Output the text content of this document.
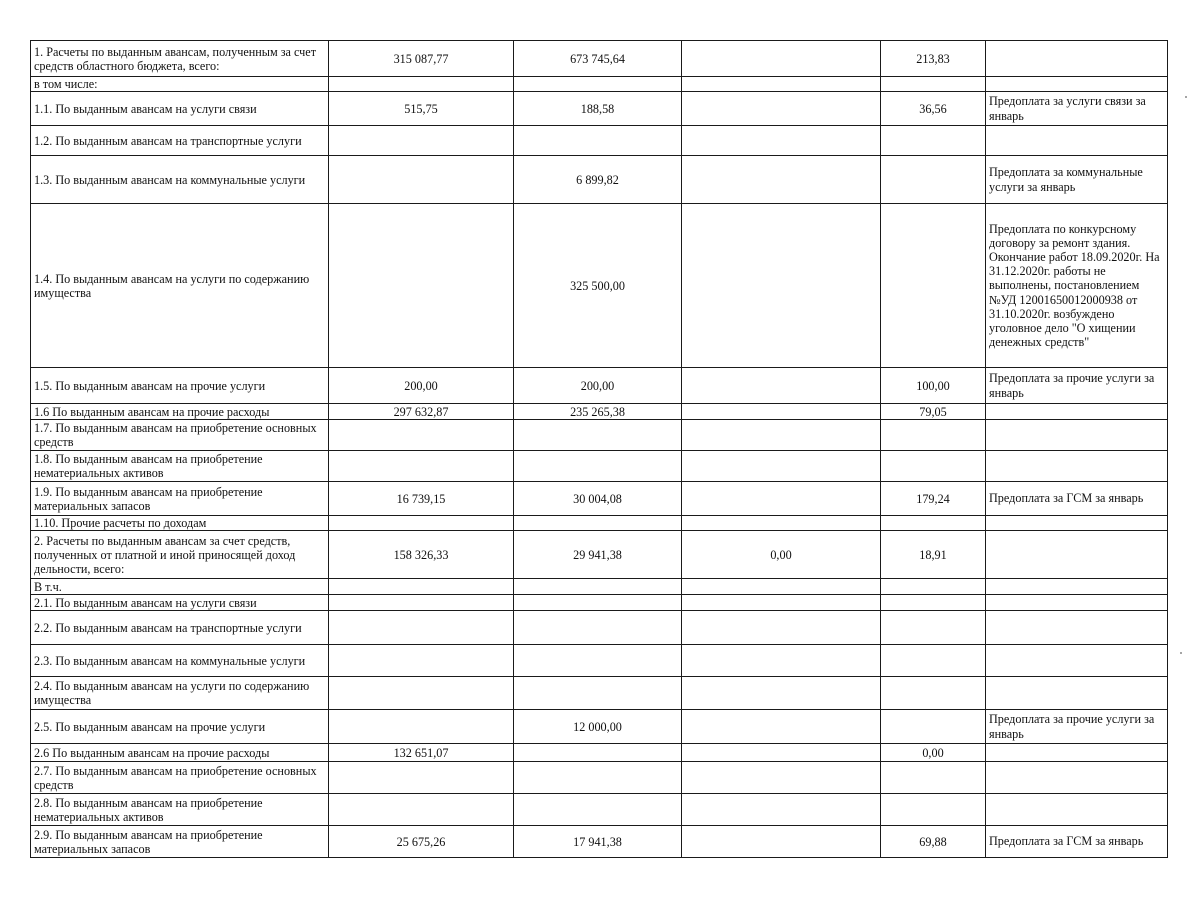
1. Расчеты по выданным авансам, полученным за счет средств областного бюджета, всего:	315 087,77	673 745,64		213,83	
в том числе:					
1.1. По выданным авансам на услуги связи	515,75	188,58		36,56	Предоплата за услуги связи за январь
1.2. По выданным авансам на транспортные услуги					
1.3. По выданным авансам на коммунальные услуги		6 899,82			Предоплата за коммунальные услуги за январь
1.4. По выданным авансам на услуги по содержанию имущества		325 500,00			Предоплата по конкурсному договору за ремонт здания. Окончание работ 18.09.2020г. На 31.12.2020г. работы не выполнены, постановлением №УД 12001650012000938 от 31.10.2020г. возбуждено уголовное дело "О хищении денежных средств"
1.5. По выданным авансам на прочие услуги	200,00	200,00		100,00	Предоплата за прочие услуги за январь
1.6 По выданным авансам на прочие расходы	297 632,87	235 265,38		79,05	
1.7. По выданным авансам на приобретение основных средств					
1.8. По выданным авансам на приобретение нематериальных активов					
1.9. По выданным авансам на приобретение материальных запасов	16 739,15	30 004,08		179,24	Предоплата за ГСМ за январь
1.10. Прочие расчеты по доходам					
2. Расчеты по выданным авансам за счет средств, полученных от платной и иной приносящей доход дельности, всего:	158 326,33	29 941,38	0,00	18,91	
В т.ч.					
2.1. По выданным авансам на услуги связи					
2.2. По выданным авансам на транспортные услуги					
2.3. По выданным авансам на коммунальные услуги					
2.4. По выданным авансам на услуги по содержанию имущества					
2.5. По выданным авансам на прочие услуги		12 000,00			Предоплата за прочие услуги за январь
2.6 По выданным авансам на прочие расходы	132 651,07			0,00	
2.7. По выданным авансам на приобретение основных средств					
2.8. По выданным авансам на приобретение нематериальных активов					
2.9. По выданным авансам на приобретение материальных запасов	25 675,26	17 941,38		69,88	Предоплата за ГСМ за январь
